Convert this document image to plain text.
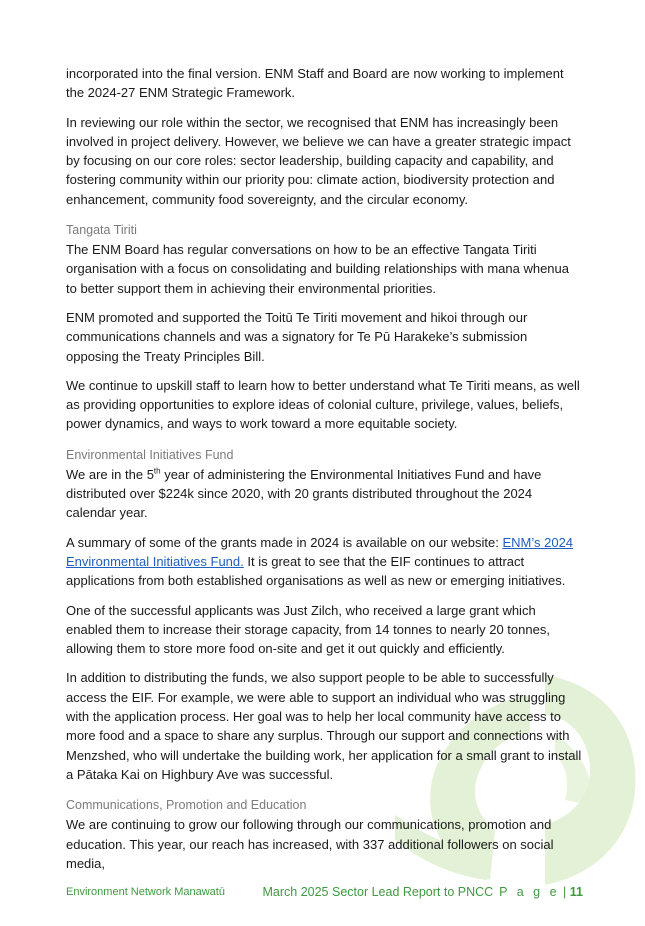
incorporated into the final version. ENM Staff and Board are now working to implement the 2024-27 ENM Strategic Framework.

In reviewing our role within the sector, we recognised that ENM has increasingly been involved in project delivery. However, we believe we can have a greater strategic impact by focusing on our core roles: sector leadership, building capacity and capability, and fostering community within our priority pou: climate action, biodiversity protection and enhancement, community food sovereignty, and the circular economy.

Tangata Tiriti

The ENM Board has regular conversations on how to be an effective Tangata Tiriti organisation with a focus on consolidating and building relationships with mana whenua to better support them in achieving their environmental priorities.

ENM promoted and supported the Toitū Te Tiriti movement and hikoi through our communications channels and was a signatory for Te Pū Harakeke’s submission opposing the Treaty Principles Bill.

We continue to upskill staff to learn how to better understand what Te Tiriti means, as well as providing opportunities to explore ideas of colonial culture, privilege, values, beliefs, power dynamics, and ways to work toward a more equitable society.

Environmental Initiatives Fund

We are in the 5th year of administering the Environmental Initiatives Fund and have distributed over $224k since 2020, with 20 grants distributed throughout the 2024 calendar year.

A summary of some of the grants made in 2024 is available on our website: ENM’s 2024 Environmental Initiatives Fund. It is great to see that the EIF continues to attract applications from both established organisations as well as new or emerging initiatives.

One of the successful applicants was Just Zilch, who received a large grant which enabled them to increase their storage capacity, from 14 tonnes to nearly 20 tonnes, allowing them to store more food on-site and get it out quickly and efficiently.

In addition to distributing the funds, we also support people to be able to successfully access the EIF. For example, we were able to support an individual who was struggling with the application process. Her goal was to help her local community have access to more food and a space to share any surplus. Through our support and connections with Menzshed, who will undertake the building work, her application for a small grant to install a Pātaka Kai on Highbury Ave was successful.

Communications, Promotion and Education

We are continuing to grow our following through our communications, promotion and education. This year, our reach has increased, with 337 additional followers on social media,

Environment Network Manawatū	March 2025 Sector Lead Report to PNCC P a g e | 11
